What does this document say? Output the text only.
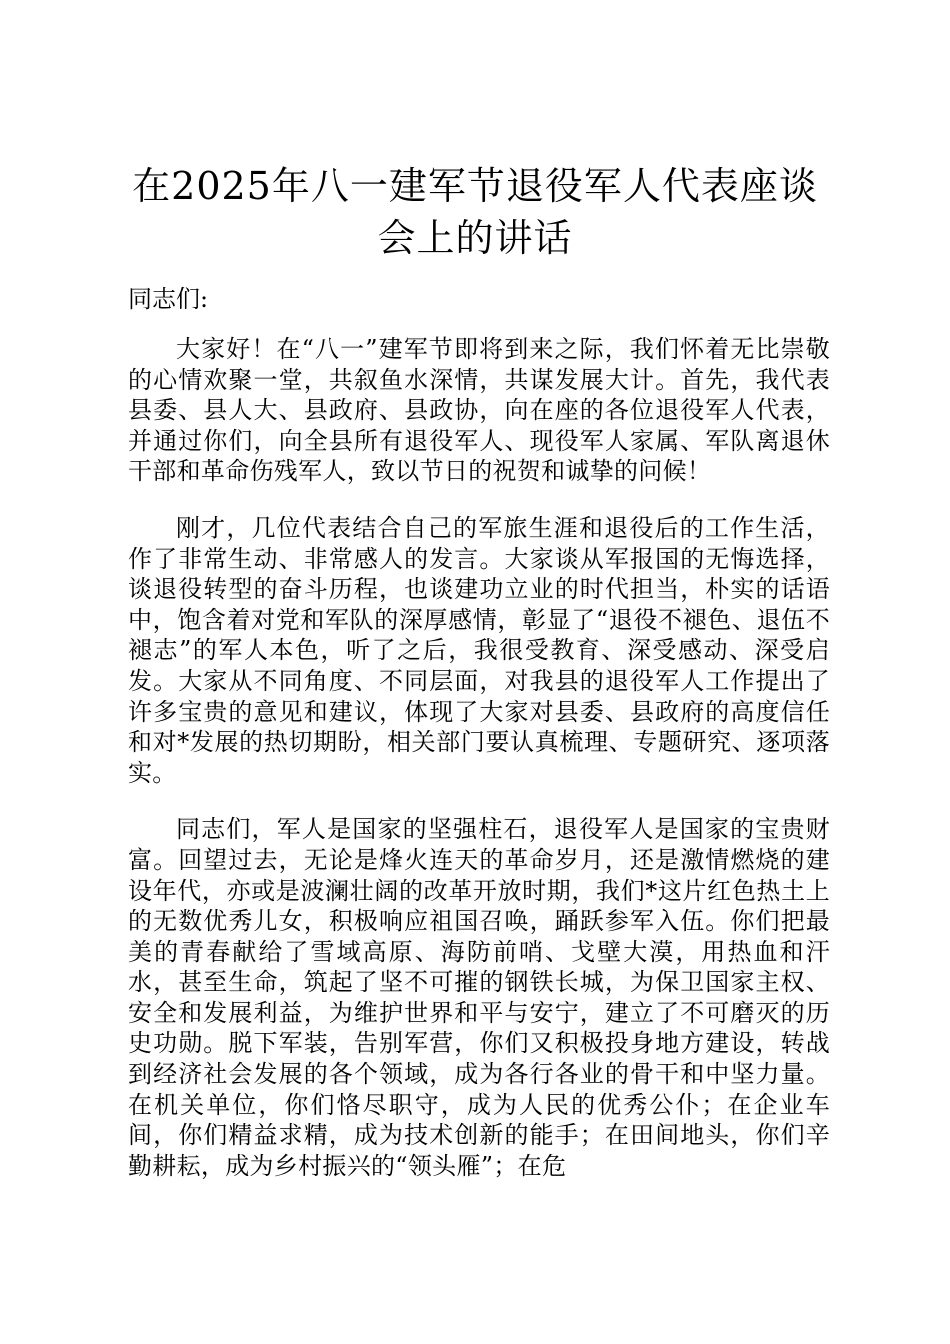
在2025年八一建军节退役军人代表座谈会上的讲话

同志们:

大家好！在“八一”建军节即将到来之际，我们怀着无比崇敬的心情欢聚一堂，共叙鱼水深情，共谋发展大计。首先，我代表县委、县人大、县政府、县政协，向在座的各位退役军人代表，并通过你们，向全县所有退役军人、现役军人家属、军队离退休干部和革命伤残军人，致以节日的祝贺和诚挚的问候！

刚才，几位代表结合自己的军旅生涯和退役后的工作生活，作了非常生动、非常感人的发言。大家谈从军报国的无悔选择，谈退役转型的奋斗历程，也谈建功立业的时代担当，朴实的话语中，饱含着对党和军队的深厚感情，彰显了“退役不褪色、退伍不褪志”的军人本色，听了之后，我很受教育、深受感动、深受启发。大家从不同角度、不同层面，对我县的退役军人工作提出了许多宝贵的意见和建议，体现了大家对县委、县政府的高度信任和对*发展的热切期盼，相关部门要认真梳理、专题研究、逐项落实。

同志们，军人是国家的坚强柱石，退役军人是国家的宝贵财富。回望过去，无论是烽火连天的革命岁月，还是激情燃烧的建设年代，亦或是波澜壮阔的改革开放时期，我们*这片红色热土上的无数优秀儿女，积极响应祖国召唤，踊跃参军入伍。你们把最美的青春献给了雪域高原、海防前哨、戈壁大漠，用热血和汗水，甚至生命，筑起了坚不可摧的钢铁长城，为保卫国家主权、安全和发展利益，为维护世界和平与安宁，建立了不可磨灭的历史功勋。脱下军装，告别军营，你们又积极投身地方建设，转战到经济社会发展的各个领域，成为各行各业的骨干和中坚力量。在机关单位，你们恪尽职守，成为人民的优秀公仆；在企业车间，你们精益求精，成为技术创新的能手；在田间地头，你们辛勤耕耘，成为乡村振兴的“领头雁”；在危
